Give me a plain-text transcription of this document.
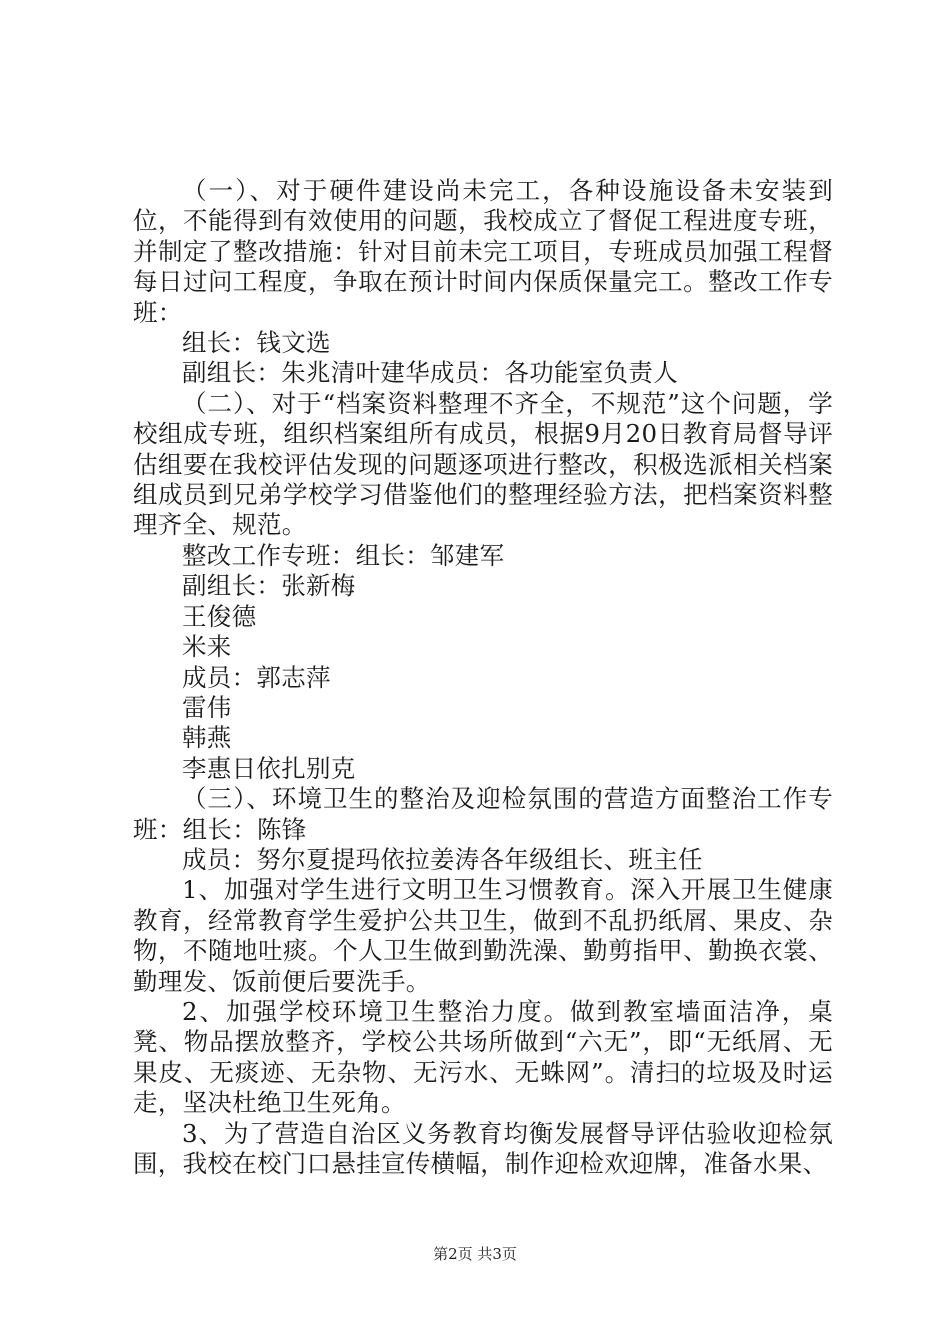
（一）、对于硬件建设尚未完工，各种设施设备未安装到位，不能得到有效使用的问题，我校成立了督促工程进度专班，并制定了整改措施：针对目前未完工项目，专班成员加强工程督每日过问工程度，争取在预计时间内保质保量完工。整改工作专班：

组长：钱文选

副组长：朱兆清叶建华成员：各功能室负责人

（二）、对于“档案资料整理不齐全，不规范”这个问题，学校组成专班，组织档案组所有成员，根据9月20日教育局督导评估组要在我校评估发现的问题逐项进行整改，积极选派相关档案组成员到兄弟学校学习借鉴他们的整理经验方法，把档案资料整理齐全、规范。

整改工作专班：组长：邹建军

副组长：张新梅

王俊德

米来

成员：郭志萍

雷伟

韩燕

李惠日依扎别克

（三）、环境卫生的整治及迎检氛围的营造方面整治工作专班：组长：陈锋

成员：努尔夏提玛依拉姜涛各年级组长、班主任

1、加强对学生进行文明卫生习惯教育。深入开展卫生健康教育，经常教育学生爱护公共卫生，做到不乱扔纸屑、果皮、杂物，不随地吐痰。个人卫生做到勤洗澡、勤剪指甲、勤换衣裳、勤理发、饭前便后要洗手。

2、加强学校环境卫生整治力度。做到教室墙面洁净，桌凳、物品摆放整齐，学校公共场所做到“六无”，即“无纸屑、无果皮、无痰迹、无杂物、无污水、无蛛网”。清扫的垃圾及时运走，坚决杜绝卫生死角。

3、为了营造自治区义务教育均衡发展督导评估验收迎检氛围，我校在校门口悬挂宣传横幅，制作迎检欢迎牌，准备水果、

第2页 共3页
